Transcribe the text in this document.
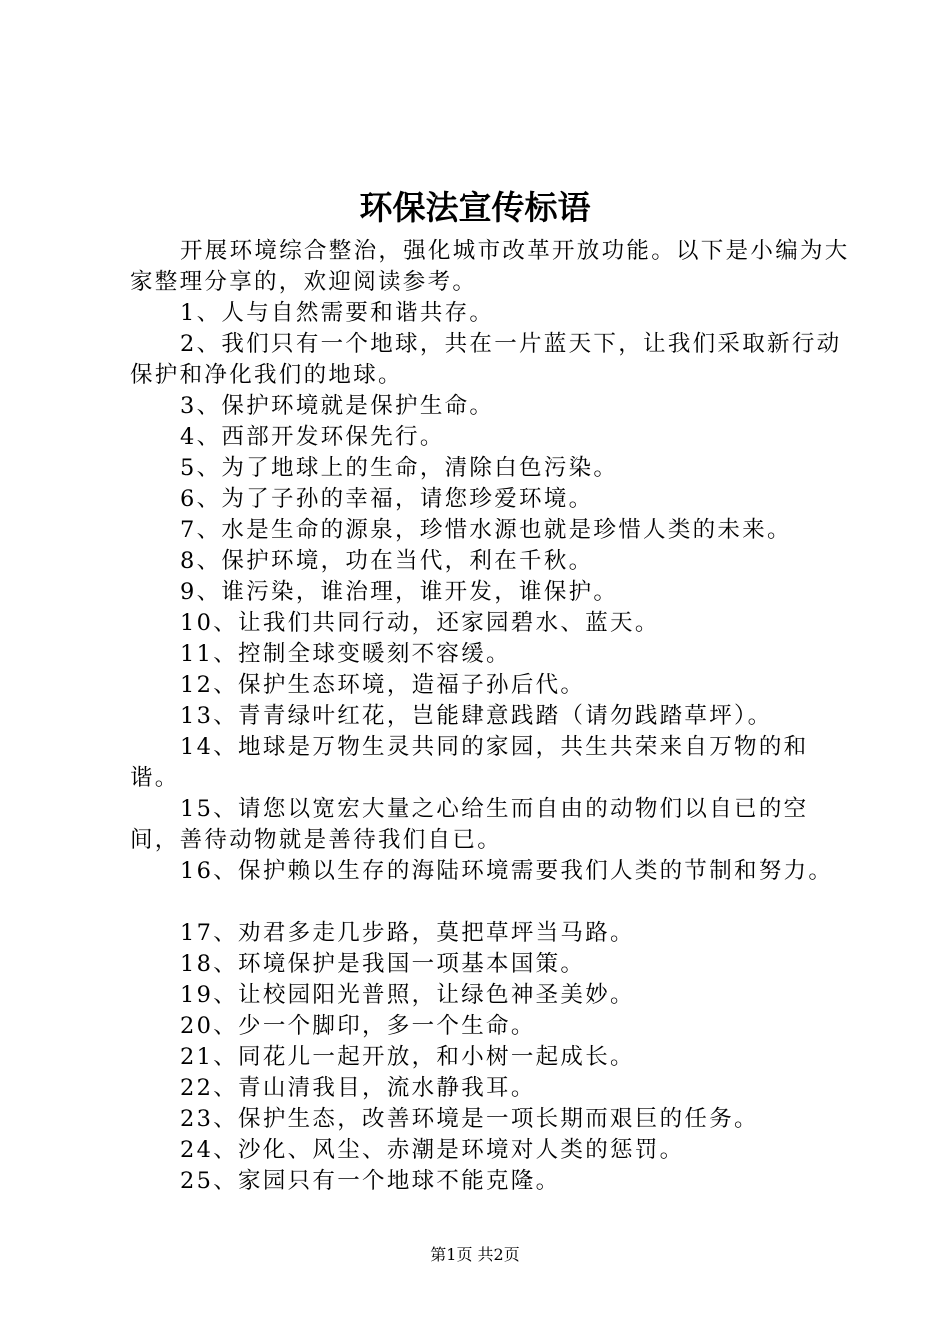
环保法宣传标语

开展环境综合整治，强化城市改革开放功能。以下是小编为大家整理分享的，欢迎阅读参考。

1、人与自然需要和谐共存。

2、我们只有一个地球，共在一片蓝天下，让我们采取新行动保护和净化我们的地球。

3、保护环境就是保护生命。

4、西部开发环保先行。

5、为了地球上的生命，清除白色污染。

6、为了子孙的幸福，请您珍爱环境。

7、水是生命的源泉，珍惜水源也就是珍惜人类的未来。

8、保护环境，功在当代，利在千秋。

9、谁污染，谁治理，谁开发，谁保护。

10、让我们共同行动，还家园碧水、蓝天。

11、控制全球变暖刻不容缓。

12、保护生态环境，造福子孙后代。

13、青青绿叶红花，岂能肆意践踏（请勿践踏草坪）。

14、地球是万物生灵共同的家园，共生共荣来自万物的和谐。

15、请您以宽宏大量之心给生而自由的动物们以自已的空间，善待动物就是善待我们自已。

16、保护赖以生存的海陆环境需要我们人类的节制和努力。

17、劝君多走几步路，莫把草坪当马路。

18、环境保护是我国一项基本国策。

19、让校园阳光普照，让绿色神圣美妙。

20、少一个脚印，多一个生命。

21、同花儿一起开放，和小树一起成长。

22、青山清我目，流水静我耳。

23、保护生态，改善环境是一项长期而艰巨的任务。

24、沙化、风尘、赤潮是环境对人类的惩罚。

25、家园只有一个地球不能克隆。

第1页 共2页
